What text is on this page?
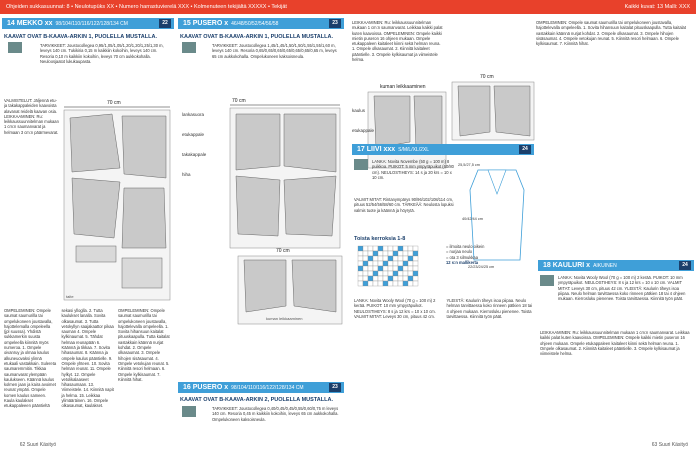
Ohjeiden sukkasuunnat: 8 • Neulotupüks XX • Numero harrastuvierelä XXX • Kolmenuteen tekijältä XXXXX • Tekijät	Kaikki kuvat: 13 Malli: XXX
14 MEKKO xx 98/104/110/116/122/128/134 CM	22
KAAVAT OVAT B-KAAVA-ARKIN 1, PUOLELLA MUSTALLA.
TARVIKKEET: Joustocollegea 0,95/1,05/1,05/1,20/1,20/1,25/1,30 m, leveys 140 cm. Tukikiria 0,15 m kaikkiin kokoihin, leveys 140 cm. Resoria 0,10 m kaikkiin kokoihin, leveys 70 cm aukkokohalla. Neuloosjaatot lukukaupasta.
VALMISTELUT: Jäljennä etu- ja takakappaleiden kaavoista alavanat reidelä kaavan osia.
LEIKKAAMINEN: Ru: leikkaussuunnitelman mukaan 1 cm:n saumanvarat ja helmaan 3 cm:n päärmevarat.
70 cm
taite
OMPELEMINEN: Ompele saumat saumurilla tai ompelukoneen joustavalla, hajottelemalla ompeleella (jpl suussa). Yhdistä sukkamerkin suusta ompeleella kiinnitä myös numeroa. 1. Ompele oivanruy ja olmaa kaulus alkuneuovaksi ylinnä etukaali vastakkain. Sulereta saumaremmitin. Tikkaa saumanvarat ylempään kaulukseen. Käännä kaulus kolmen jaan ja kaira avoimet reunat ympäri. Ompele komen kaulus sameen. Kaula kaulakset etukappaleeen pääntieltä sekasi ylloglla. 2. Tutta kaulukset lanalla. Sovita olkasaumat. 3. Tutta vetokyllyn saajakaattor pikaa sauman 4. Ompele kylkinaumat. 5. Tähdat helmaa reunapään 6. Käännä ja tikkaa. 7. Sovita hihasaumat. 8. Käänna ja ompele kaulus pääntielle. 9. Ompele yhteen. 10. Sovita helman reunat. 11. Ompele hylkyt. 12. Ompele vetolikalaaseet hihasaumaan. 13. Viimeistele. 14. Kiinnitä napit ja helma. 15. Leikkaa ylimääräinen. 16. Ompele olkasaumat, kaulakset.
OMPELEMINEN: Ompele saumat saumurilla tai ompelukoneen joustavalla, hajottelevalla ompeleella. 1. Sovita hihansuun kaitalat pituuskaapulla. Tutta kaitalat vastakkain käännä nurjat kohdat. 2. Ompele olkasaumat. 3. Ompele hihojen sisäsaumat. 4. Ompele vetokujan reunat. 5. Kiinnitä resori helmaan. 6. Ompele kylkisaumat. 7. Kiinnitä hihat.
15 PUSERO x 46/48/50/52/54/56/58	23
KAAVAT OVAT B-KAAVA-ARKIN 1, PUOLELLA MUSTALLA.
TARVIKKEET: Joustocollegea 1,45/1,45/1,50/1,50/1,55/1,55/1,60 m, leveys 140 cm. Resoria 0,65/0,65/0,65/0,65/0,65/0,65/0,65 m, leveys 65 cm aukkokohalla. Ompelukoneen kaksoisneula.
70 cm
lankasuora
etukappale
takakappale
hiha
70 cm
kuman leikkaaminen
16 PUSERO x 98/104/110/116/122/128/134 CM	23
KAAVAT OVAT B-KAAVA-ARKIN 2, PUOLELLA MUSTALLA.
TARVIKKEET: Joustocollegea 0,40/0,45/0,45/0,55/0,60/0,75 m leveys 140 cm. Resoria 0,45 m kaikkiin kokoihin, leveys 65 cm aukkokohalla. Ompelukoneen kaksoisneula.
LEIKKAAMINEN: Ru: leikkaussuunnitelman mukaan 1 cm:n saumanvarat. Leikkaa kaikki palat kuten kaavoissa. OMPELEMINEN: Ompele kaikki mietin puseron 16 ohjeen mukaan. Ompele etukappaleen kaitaleet kiinni sekä helman reuna. 1. Ompele olkasaumat. 2. Kiinnitä kaitaleet pääntielle. 3. Ompele kylkisaumat ja viimeistele helma.
kuman leikkaaminen
kaulus
etukappale
70 cm
OMPELEMINEN: Ompele saumat saumurilla tai ompelukoneen joustavalla, hajottelevalla ompeleella. 1. Sovita hihansuun kaitalat pituuskaapulla. Tutta kaitalat vastakkain käännä nurjat kohdat. 2. Ompele olkasaumat. 3. Ompele hihojen sisäsaumat. 4. Ompele vetokujan reunat. 5. Kiinnitä resori helmaan. 6. Ompele kylkisaumat. 7. Kiinnitä hihat.
17 LIIVI xxx S/M/L/XL/2XL	24
LANKA: Novita Novembe (50 g = 100 m) 8 puikkoa. PUIKOT: 5 mm ympyräpuikot (60/80 cm). NEULOSTIHEYS: 14 s ja 20 krs = 10 x 10 cm.
VALMIT MITAT: Rintanympärys 90/96/102/108/114 cm, pituus 52/54/56/58/60 cm. TÄRKEÄÄ: Neulosta lopuksi valmis tuote ja käännä ja höyrytä.
25,5/27,5 cm
40/42/44 cm
22/23/24/25 cm
Toista kerroksia 1-8
= ilmoita neulo oikein
= nurjaa neulo
= ota 3 silmukkaa
12 s:n mallikerta
LANKA: Novita Wooly Wool (70 g = 100 m) 2 kerää. PUIKOT: 10 mm ympyräpuikot. NEULOSTIHEYS: 8 s ja 12 krs = 10 x 10 cm. VALMIT MITAT: Leveys 30 cm, pituus 42 cm. YLEISTÄ: Kaulurin tiheys isoa piipaa. Neulo helman tarvittaessa koko rinneen pätkien 18 tai 4 ohjeen mukaan. Kierrosluku pienenee. Toista tarvittaessa. Kiinnitä työn päät.
18 KAULURI x AIKUINEN	24
LANKA: Novita Wooly Wool (70 g = 100 m) 2 kerää. PUIKOT: 10 mm ympyräpuikot. NEULOSTIHEYS: 8 s ja 12 krs = 10 x 10 cm. VALMIT MITAT: Leveys 30 cm, pituus 42 cm. YLEISTÄ: Kaulurin tiheys isoa piipaa. Neulo helman tarvittaessa koko rinneen pätkien 18 tai 4 ohjeen mukaan. Kierrosluku pienenee. Toista tarvittaessa. Kiinnitä työn päät.
LEIKKAAMINEN: Ru: leikkaussuunnitelman mukaan 1 cm:n saumanvarat. Leikkaa kaikki palat kuten kaavoissa. OMPELEMINEN: Ompele kaikki mietin puseron 16 ohjeen mukaan. Ompele etukappaleen kaitaleet kiinni sekä helman reuna. 1. Ompele olkasaumat. 2. Kiinnitä kaitaleet pääntielle. 3. Ompele kylkisaumat ja viimeistele helma.
62 Suuri Käsityö	63 Suuri Käsityö
